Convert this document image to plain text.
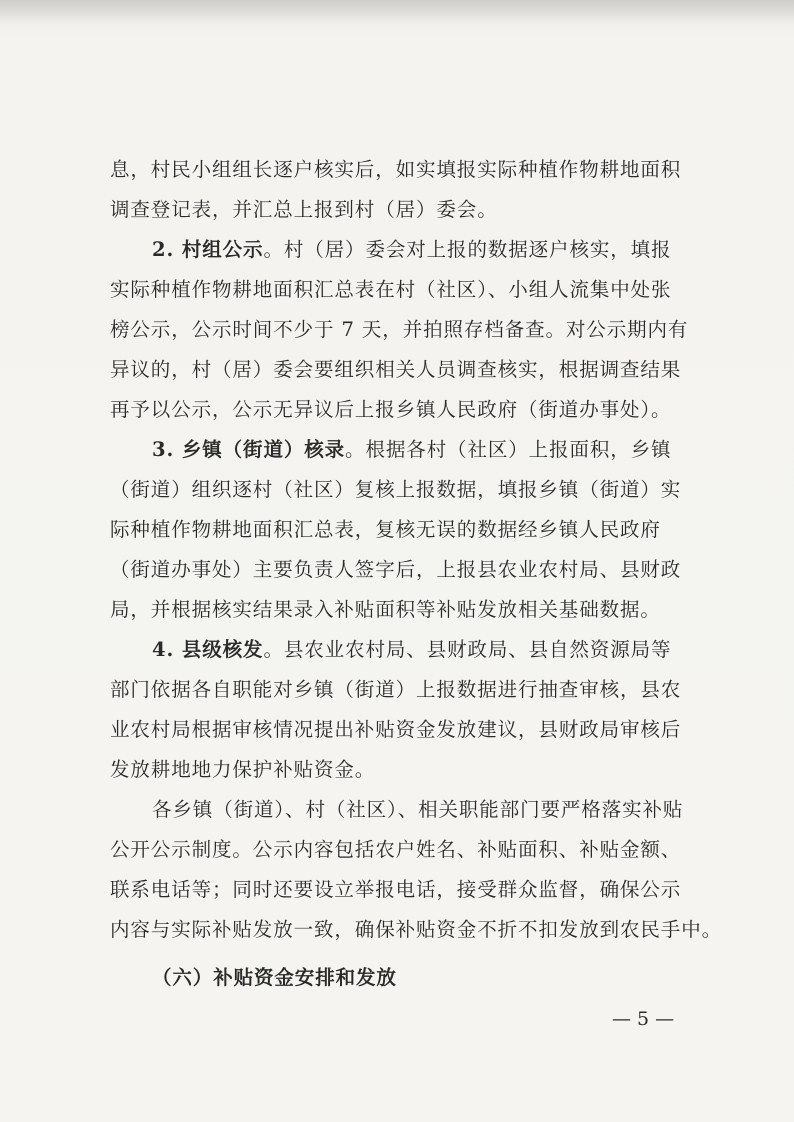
息，村民小组组长逐户核实后，如实填报实际种植作物耕地面积
调查登记表，并汇总上报到村（居）委会。
2. 村组公示。村（居）委会对上报的数据逐户核实，填报
实际种植作物耕地面积汇总表在村（社区）、小组人流集中处张
榜公示，公示时间不少于 7 天，并拍照存档备查。对公示期内有
异议的，村（居）委会要组织相关人员调查核实，根据调查结果
再予以公示，公示无异议后上报乡镇人民政府（街道办事处）。
3. 乡镇（街道）核录。根据各村（社区）上报面积，乡镇
（街道）组织逐村（社区）复核上报数据，填报乡镇（街道）实
际种植作物耕地面积汇总表，复核无误的数据经乡镇人民政府
（街道办事处）主要负责人签字后，上报县农业农村局、县财政
局，并根据核实结果录入补贴面积等补贴发放相关基础数据。
4. 县级核发。县农业农村局、县财政局、县自然资源局等
部门依据各自职能对乡镇（街道）上报数据进行抽查审核，县农
业农村局根据审核情况提出补贴资金发放建议，县财政局审核后
发放耕地地力保护补贴资金。
各乡镇（街道）、村（社区）、相关职能部门要严格落实补贴
公开公示制度。公示内容包括农户姓名、补贴面积、补贴金额、
联系电话等；同时还要设立举报电话，接受群众监督，确保公示
内容与实际补贴发放一致，确保补贴资金不折不扣发放到农民手中。
（六）补贴资金安排和发放
— 5 —
